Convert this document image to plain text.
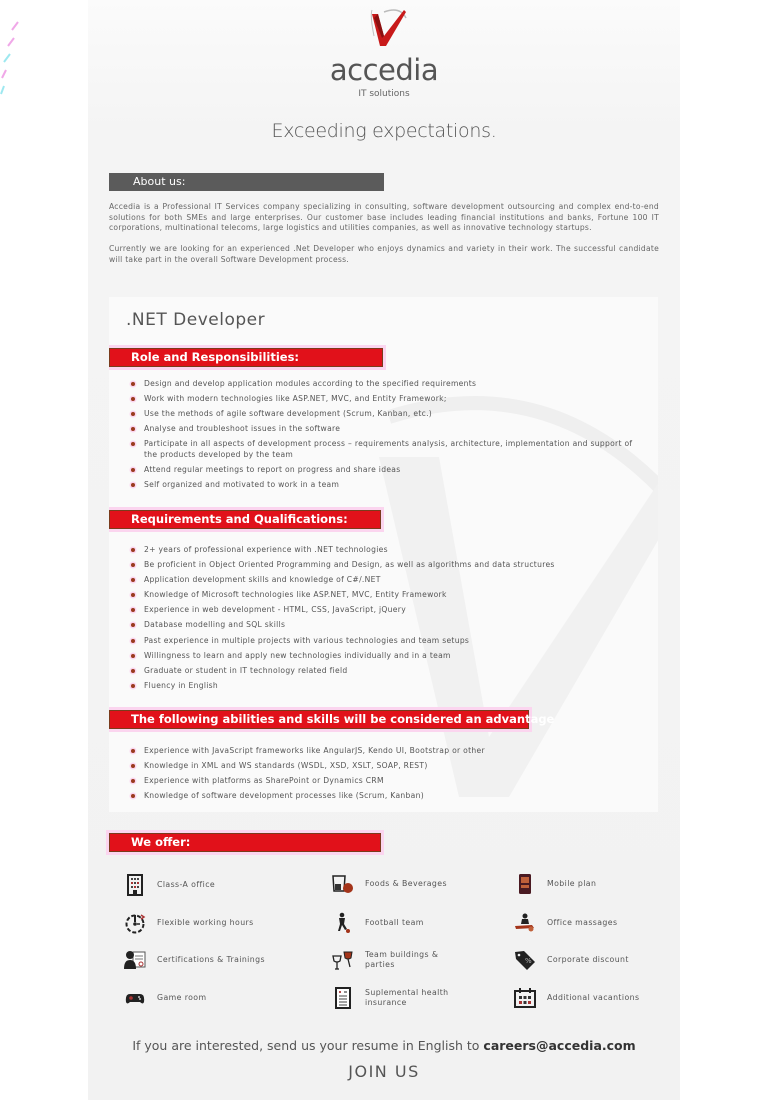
accedia
IT solutions
Exceeding expectations.
About us:

Accedia is a Professional IT Services company specializing in consulting, software development outsourcing and complex end-to-end solutions for both SMEs and large enterprises. Our customer base includes leading financial institutions and banks, Fortune 100 IT corporations, multinational telecoms, large logistics and utilities companies, as well as innovative technology startups.

Currently we are looking for an experienced .Net Developer who enjoys dynamics and variety in their work. The successful candidate will take part in the overall Software Development process.

.NET Developer
Role and Responsibilities:
Design and develop application modules according to the specified requirements
Work with modern technologies like ASP.NET, MVC, and Entity Framework;
Use the methods of agile software development (Scrum, Kanban, etc.)
Analyse and troubleshoot issues in the software
Participate in all aspects of development process – requirements analysis, architecture, implementation and support of the products developed by the team
Attend regular meetings to report on progress and share ideas
Self organized and motivated to work in a team
Requirements and Qualifications:
2+ years of professional experience with .NET technologies
Be proficient in Object Oriented Programming and Design, as well as algorithms and data structures
Application development skills and knowledge of C#/.NET
Knowledge of Microsoft technologies like ASP.NET, MVC, Entity Framework
Experience in web development - HTML, CSS, JavaScript, jQuery
Database modelling and SQL skills
Past experience in multiple projects with various technologies and team setups
Willingness to learn and apply new technologies individually and in a team
Graduate or student in IT technology related field
Fluency in English
The following abilities and skills will be considered an advantage
Experience with JavaScript frameworks like AngularJS, Kendo UI, Bootstrap or other
Knowledge in XML and WS standards (WSDL, XSD, XSLT, SOAP, REST)
Experience with platforms as SharePoint or Dynamics CRM
Knowledge of software development processes like (Scrum, Kanban)
We offer:
Class-A office
Flexible working hours
Certifications & Trainings
Game room
Foods & Beverages
Football team
Team buildings & parties
Suplemental health insurance
Mobile plan
Office massages
% Corporate discount
Additional vacantions
If you are interested, send us your resume in English to careers@accedia.com
JOIN US
